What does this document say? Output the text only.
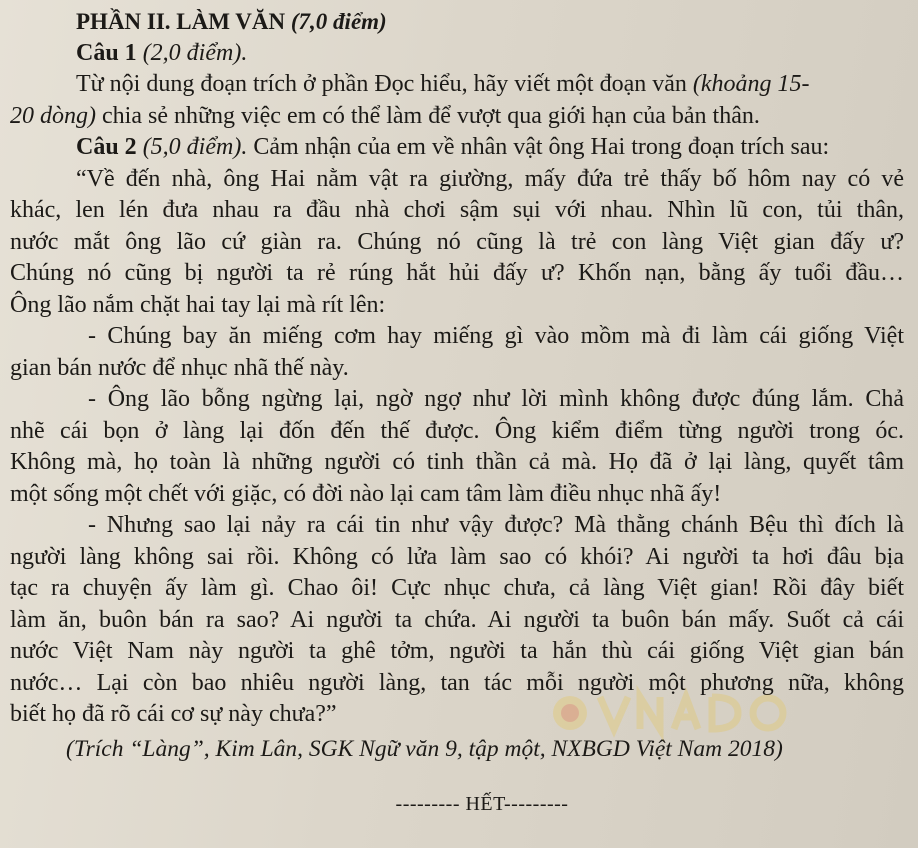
PHẦN II. LÀM VĂN (7,0 điểm)
Câu 1 (2,0 điểm).
Từ nội dung đoạn trích ở phần Đọc hiểu, hãy viết một đoạn văn (khoảng 15-
20 dòng) chia sẻ những việc em có thể làm để vượt qua giới hạn của bản thân.
Câu 2 (5,0 điểm). Cảm nhận của em về nhân vật ông Hai trong đoạn trích sau:
“Về đến nhà, ông Hai nằm vật ra giường, mấy đứa trẻ thấy bố hôm nay có vẻ
khác, len lén đưa nhau ra đầu nhà chơi sậm sụi với nhau. Nhìn lũ con, tủi thân,
nước mắt ông lão cứ giàn ra. Chúng nó cũng là trẻ con làng Việt gian đấy ư?
Chúng nó cũng bị người ta rẻ rúng hắt hủi đấy ư? Khốn nạn, bằng ấy tuổi đầu…
Ông lão nắm chặt hai tay lại mà rít lên:
- Chúng bay ăn miếng cơm hay miếng gì vào mồm mà đi làm cái giống Việt
gian bán nước để nhục nhã thế này.
- Ông lão bỗng ngừng lại, ngờ ngợ như lời mình không được đúng lắm. Chả
nhẽ cái bọn ở làng lại đốn đến thế được. Ông kiểm điểm từng người trong óc.
Không mà, họ toàn là những người có tinh thần cả mà. Họ đã ở lại làng, quyết tâm
một sống một chết với giặc, có đời nào lại cam tâm làm điều nhục nhã ấy!
- Nhưng sao lại nảy ra cái tin như vậy được? Mà thằng chánh Bệu thì đích là
người làng không sai rồi. Không có lửa làm sao có khói? Ai người ta hơi đâu bịa
tạc ra chuyện ấy làm gì. Chao ôi! Cực nhục chưa, cả làng Việt gian! Rồi đây biết
làm ăn, buôn bán ra sao? Ai người ta chứa. Ai người ta buôn bán mấy. Suốt cả cái
nước Việt Nam này người ta ghê tởm, người ta hắn thù cái giống Việt gian bán
nước… Lại còn bao nhiêu người làng, tan tác mỗi người một phương nữa, không
biết họ đã rõ cái cơ sự này chưa?”
(Trích “Làng”, Kim Lân, SGK Ngữ văn 9, tập một, NXBGD Việt Nam 2018)
--------- HẾT---------
